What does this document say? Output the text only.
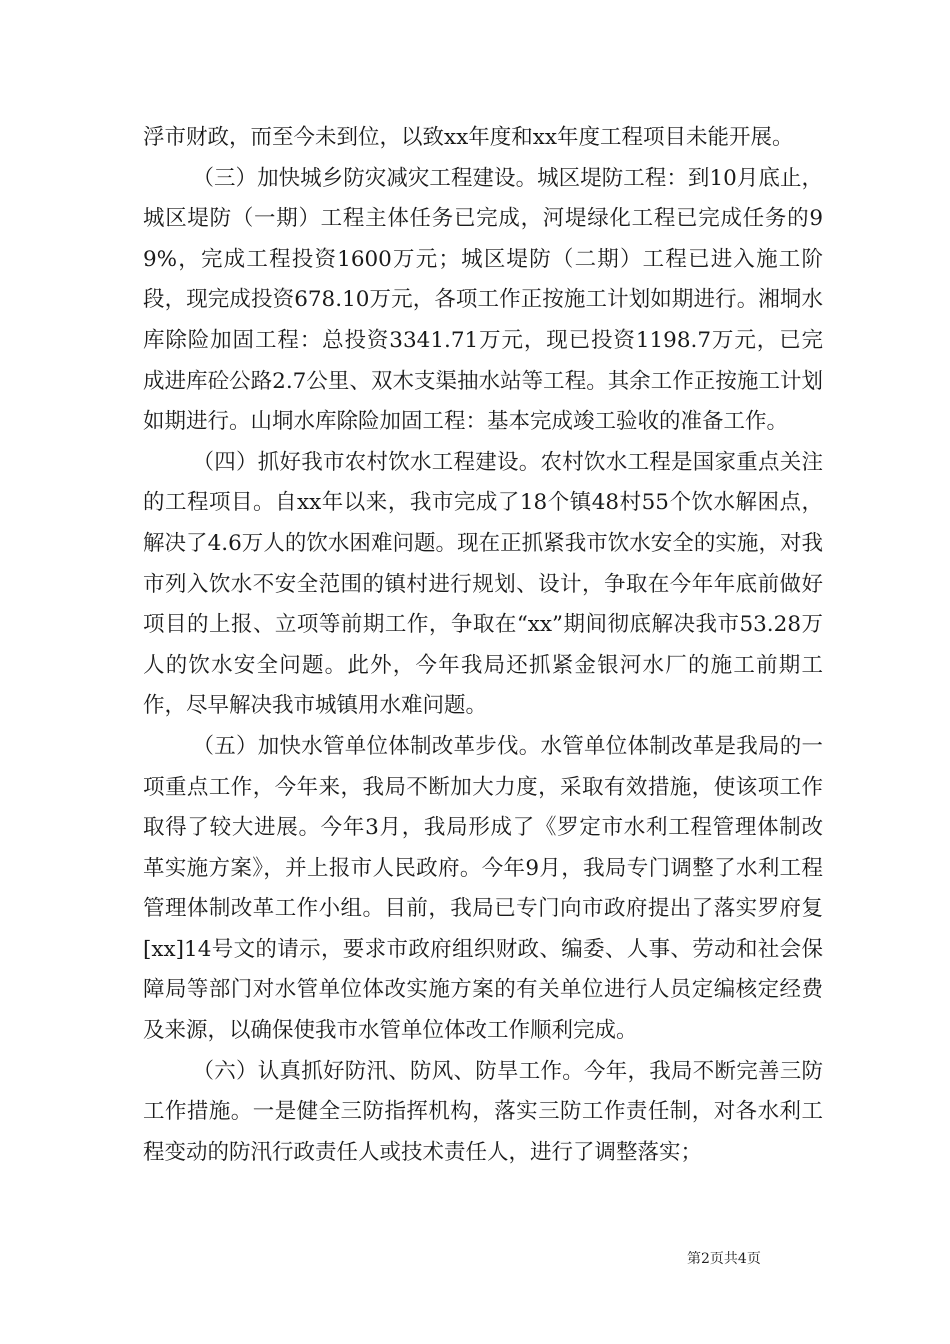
浮市财政，而至今未到位，以致xx年度和xx年度工程项目未能开展。

（三）加快城乡防灾减灾工程建设。城区堤防工程：到10月底止，城区堤防（一期）工程主体任务已完成，河堤绿化工程已完成任务的99%，完成工程投资1600万元；城区堤防（二期）工程已进入施工阶段，现完成投资678.10万元，各项工作正按施工计划如期进行。湘垌水库除险加固工程：总投资3341.71万元，现已投资1198.7万元，已完成进库砼公路2.7公里、双木支渠抽水站等工程。其余工作正按施工计划如期进行。山垌水库除险加固工程：基本完成竣工验收的准备工作。

（四）抓好我市农村饮水工程建设。农村饮水工程是国家重点关注的工程项目。自xx年以来，我市完成了18个镇48村55个饮水解困点，解决了4.6万人的饮水困难问题。现在正抓紧我市饮水安全的实施，对我市列入饮水不安全范围的镇村进行规划、设计，争取在今年年底前做好项目的上报、立项等前期工作，争取在“xx”期间彻底解决我市53.28万人的饮水安全问题。此外，今年我局还抓紧金银河水厂的施工前期工作，尽早解决我市城镇用水难问题。

（五）加快水管单位体制改革步伐。水管单位体制改革是我局的一项重点工作，今年来，我局不断加大力度，采取有效措施，使该项工作取得了较大进展。今年3月，我局形成了《罗定市水利工程管理体制改革实施方案》，并上报市人民政府。今年9月，我局专门调整了水利工程管理体制改革工作小组。目前，我局已专门向市政府提出了落实罗府复[xx]14号文的请示，要求市政府组织财政、编委、人事、劳动和社会保障局等部门对水管单位体改实施方案的有关单位进行人员定编核定经费及来源，以确保使我市水管单位体改工作顺利完成。

（六）认真抓好防汛、防风、防旱工作。今年，我局不断完善三防工作措施。一是健全三防指挥机构，落实三防工作责任制，对各水利工程变动的防汛行政责任人或技术责任人，进行了调整落实；

第2页共4页
